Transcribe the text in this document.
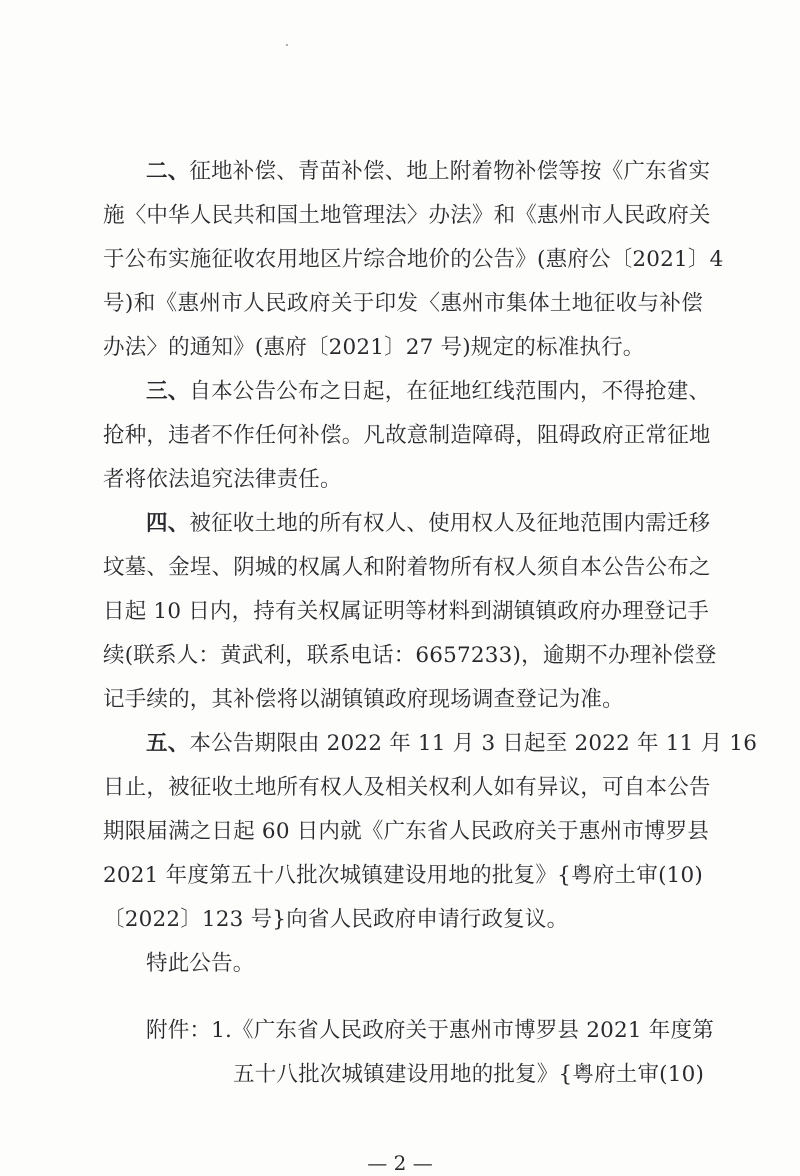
二、征地补偿、青苗补偿、地上附着物补偿等按《广东省实
施〈中华人民共和国土地管理法〉办法》和《惠州市人民政府关
于公布实施征收农用地区片综合地价的公告》(惠府公〔2021〕4
号)和《惠州市人民政府关于印发〈惠州市集体土地征收与补偿
办法〉的通知》(惠府〔2021〕27 号)规定的标准执行。
三、自本公告公布之日起，在征地红线范围内，不得抢建、
抢种，违者不作任何补偿。凡故意制造障碍，阻碍政府正常征地
者将依法追究法律责任。
四、被征收土地的所有权人、使用权人及征地范围内需迁移
坟墓、金埕、阴城的权属人和附着物所有权人须自本公告公布之
日起 10 日内，持有关权属证明等材料到湖镇镇政府办理登记手
续(联系人：黄武利，联系电话：6657233)，逾期不办理补偿登
记手续的，其补偿将以湖镇镇政府现场调查登记为准。
五、本公告期限由 2022 年 11 月 3 日起至 2022 年 11 月 16
日止，被征收土地所有权人及相关权利人如有异议，可自本公告
期限届满之日起 60 日内就《广东省人民政府关于惠州市博罗县
2021 年度第五十八批次城镇建设用地的批复》{粤府土审(10)
〔2022〕123 号}向省人民政府申请行政复议。
特此公告。
附件：1.《广东省人民政府关于惠州市博罗县 2021 年度第
五十八批次城镇建设用地的批复》{粤府土审(10)
— 2 —
